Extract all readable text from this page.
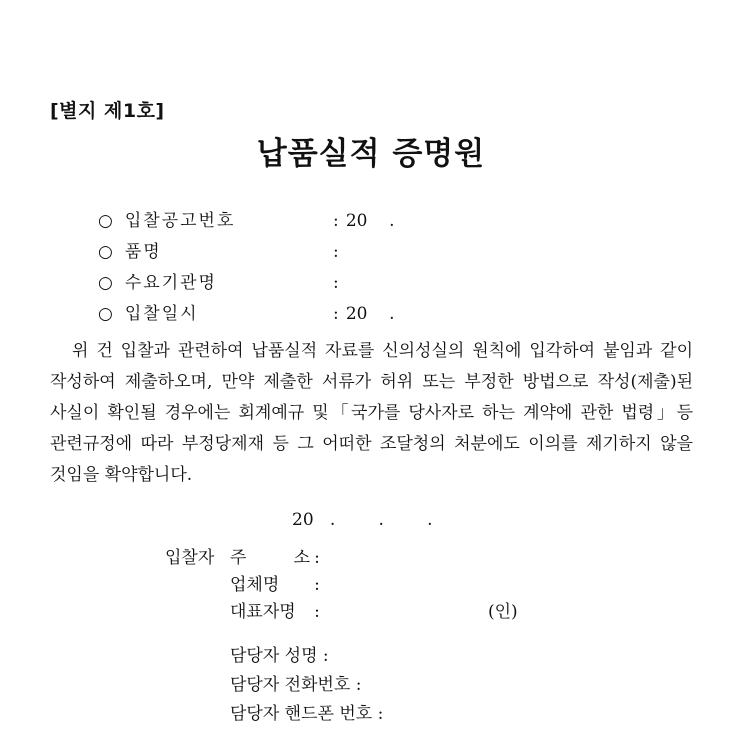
[별지 제1호]
납품실적 증명원
○ 입찰공고번호	: 20    .
○ 품명	:
○ 수요기관명	:
○ 입찰일시	: 20    .

위 건 입찰과 관련하여 납품실적 자료를 신의성실의 원칙에 입각하여 붙임과 같이 작성하여 제출하오며, 만약 제출한 서류가 허위 또는 부정한 방법으로 작성(제출)된 사실이 확인될 경우에는 회계예규 및「국가를 당사자로 하는 계약에 관한 법령」등 관련규정에 따라 부정당제재 등 그 어떠한 조달청의 처분에도 이의를 제기하지 않을 것임을 확약합니다.

20   .        .        .
입찰자 주 소 :
업체명	:
대표자명	:	(인)
담당자 성명 :
담당자 전화번호 :
담당자 핸드폰 번호 :
